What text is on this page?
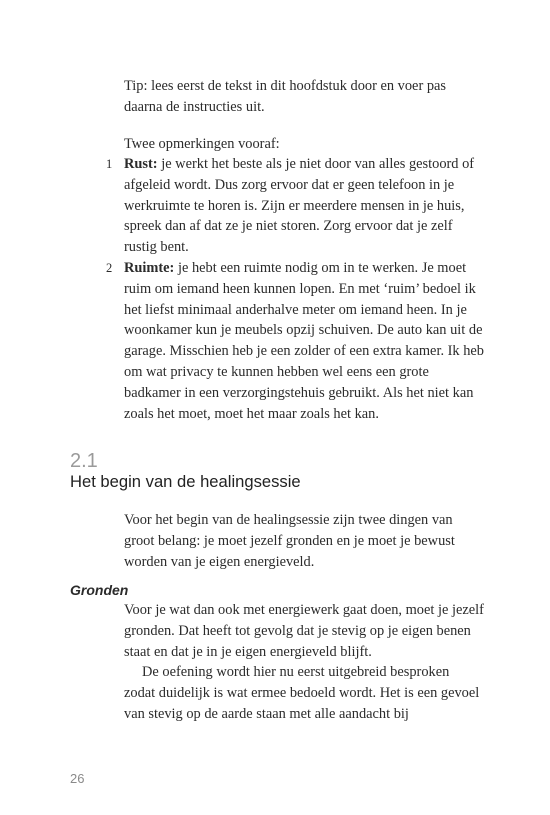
Tip: lees eerst de tekst in dit hoofdstuk door en voer pas daarna de instructies uit.

Twee opmerkingen vooraf:

1 Rust: je werkt het beste als je niet door van alles gestoord of afgeleid wordt. Dus zorg ervoor dat er geen telefoon in je werkruimte te horen is. Zijn er meerdere mensen in je huis, spreek dan af dat ze je niet storen. Zorg ervoor dat je zelf rustig bent.

2 Ruimte: je hebt een ruimte nodig om in te werken. Je moet ruim om iemand heen kunnen lopen. En met ‘ruim’ bedoel ik het liefst minimaal anderhalve meter om iemand heen. In je woonkamer kun je meubels opzij schuiven. De auto kan uit de garage. Misschien heb je een zolder of een extra kamer. Ik heb om wat privacy te kunnen hebben wel eens een grote badkamer in een verzorgingstehuis gebruikt. Als het niet kan zoals het moet, moet het maar zoals het kan.

2.1
Het begin van de healingsessie

Voor het begin van de healingsessie zijn twee dingen van groot belang: je moet jezelf gronden en je moet je bewust worden van je eigen energieveld.

Gronden

Voor je wat dan ook met energiewerk gaat doen, moet je jezelf gronden. Dat heeft tot gevolg dat je stevig op je eigen benen staat en dat je in je eigen energieveld blijft.

De oefening wordt hier nu eerst uitgebreid besproken zodat duidelijk is wat ermee bedoeld wordt. Het is een gevoel van stevig op de aarde staan met alle aandacht bij

26
